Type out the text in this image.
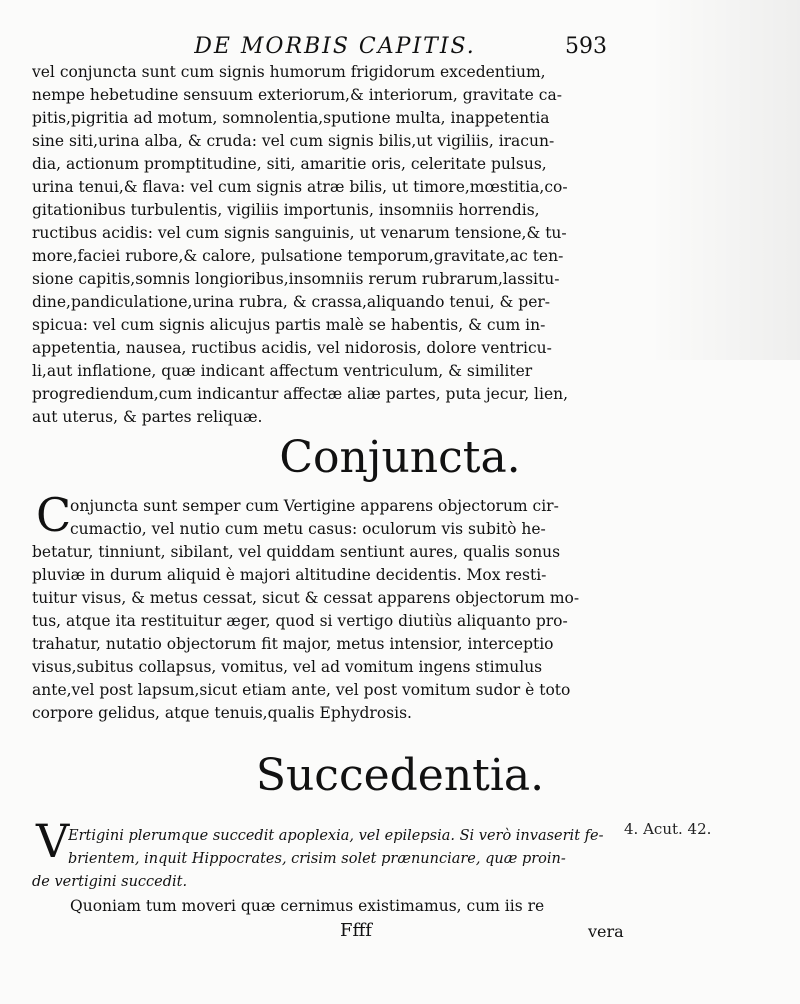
DE MORBIS CAPITIS.	593
vel conjuncta sunt cum signis humorum frigidorum excedentium,
nempe hebetudine sensuum exteriorum,& interiorum, gravitate ca-
pitis,pigritia ad motum, somnolentia,sputione multa, inappetentia
sine siti,urina alba, & cruda: vel cum signis bilis,ut vigiliis, iracun-
dia, actionum promptitudine, siti, amaritie oris, celeritate pulsus,
urina tenui,& flava: vel cum signis atræ bilis, ut timore,mœstitia,co-
gitationibus turbulentis, vigiliis importunis, insomniis horrendis,
ructibus acidis: vel cum signis sanguinis, ut venarum tensione,& tu-
more,faciei rubore,& calore, pulsatione temporum,gravitate,ac ten-
sione capitis,somnis longioribus,insomniis rerum rubrarum,lassitu-
dine,pandiculatione,urina rubra, & crassa,aliquando tenui, & per-
spicua: vel cum signis alicujus partis malè se habentis, & cum in-
appetentia, nausea, ructibus acidis, vel nidorosis, dolore ventricu-
li,aut inflatione, quæ indicant affectum ventriculum, & similiter
progrediendum,cum indicantur affectæ aliæ partes, puta jecur, lien,
aut uterus, & partes reliquæ.
Conjuncta.
C
onjuncta sunt semper cum Vertigine apparens objectorum cir-
cumactio, vel nutio cum metu casus: oculorum vis subitò he-
betatur, tinniunt, sibilant, vel quiddam sentiunt aures, qualis sonus
pluviæ in durum aliquid è majori altitudine decidentis. Mox resti-
tuitur visus, & metus cessat, sicut & cessat apparens objectorum mo-
tus, atque ita restituitur æger, quod si vertigo diutiùs aliquanto pro-
trahatur, nutatio objectorum fit major, metus intensior, interceptio
visus,subitus collapsus, vomitus, vel ad vomitum ingens stimulus
ante,vel post lapsum,sicut etiam ante, vel post vomitum sudor è toto
corpore gelidus, atque tenuis,qualis Ephydrosis.
Succedentia.
V
Ertigini plerumque succedit apoplexia, vel epilepsia. Si verò invaserit fe-
brientem, inquit Hippocrates, crisim solet prænunciare, quæ proin-
de vertigini succedit.
Quoniam tum moveri quæ cernimus existimamus, cum iis re
4. Acut. 42.
Ffff	vera
